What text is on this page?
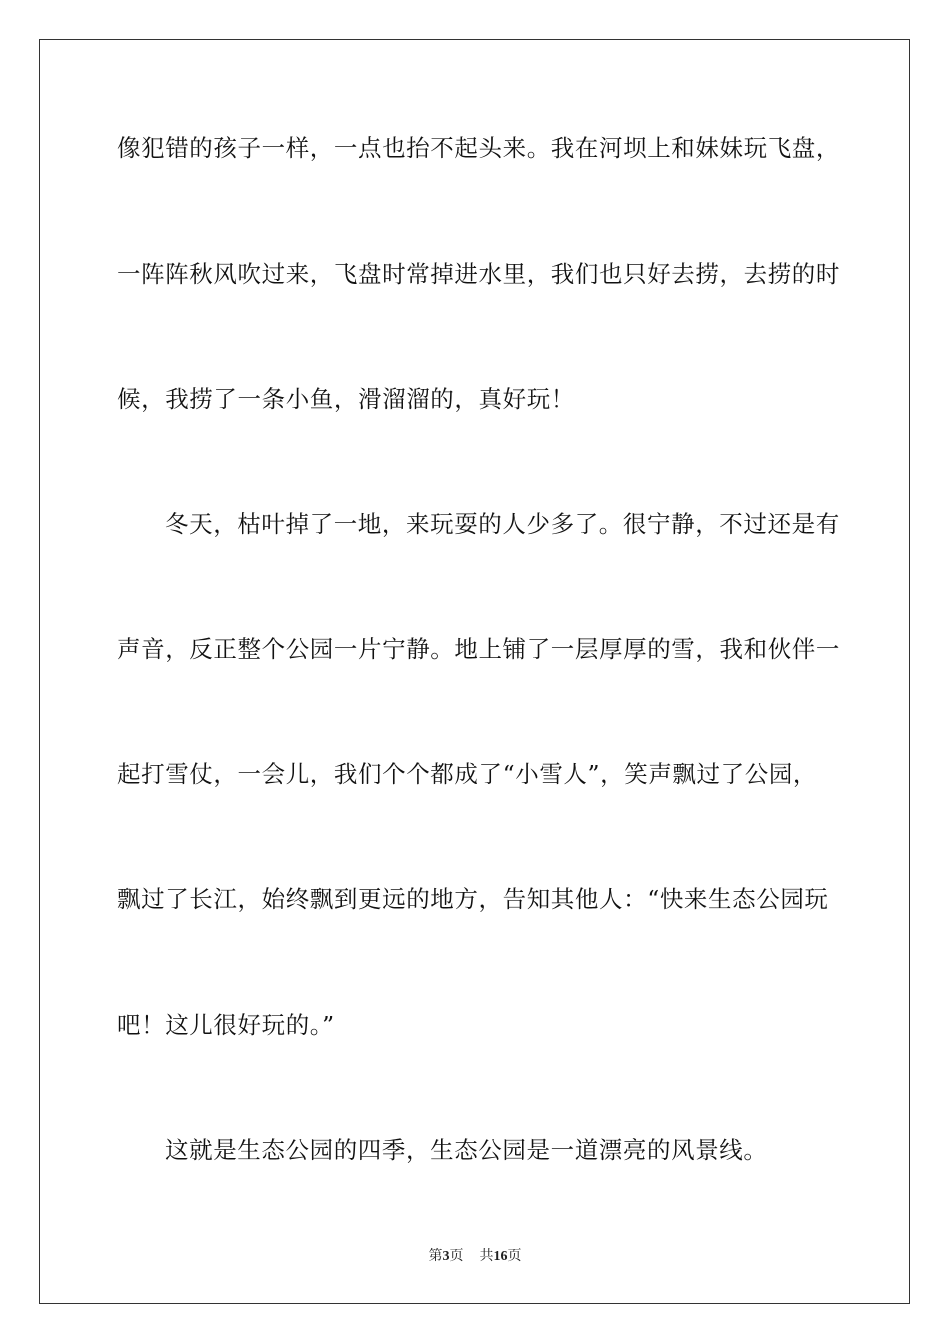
像犯错的孩子一样，一点也抬不起头来。我在河坝上和妹妹玩飞盘，
一阵阵秋风吹过来，飞盘时常掉进水里，我们也只好去捞，去捞的时
候，我捞了一条小鱼，滑溜溜的，真好玩！
冬天，枯叶掉了一地，来玩耍的人少多了。很宁静，不过还是有
声音，反正整个公园一片宁静。地上铺了一层厚厚的雪，我和伙伴一
起打雪仗，一会儿，我们个个都成了“小雪人”，笑声飘过了公园，
飘过了长江，始终飘到更远的地方，告知其他人：“快来生态公园玩
吧！这儿很好玩的。”
这就是生态公园的四季，生态公园是一道漂亮的风景线。
第3页 共16页
